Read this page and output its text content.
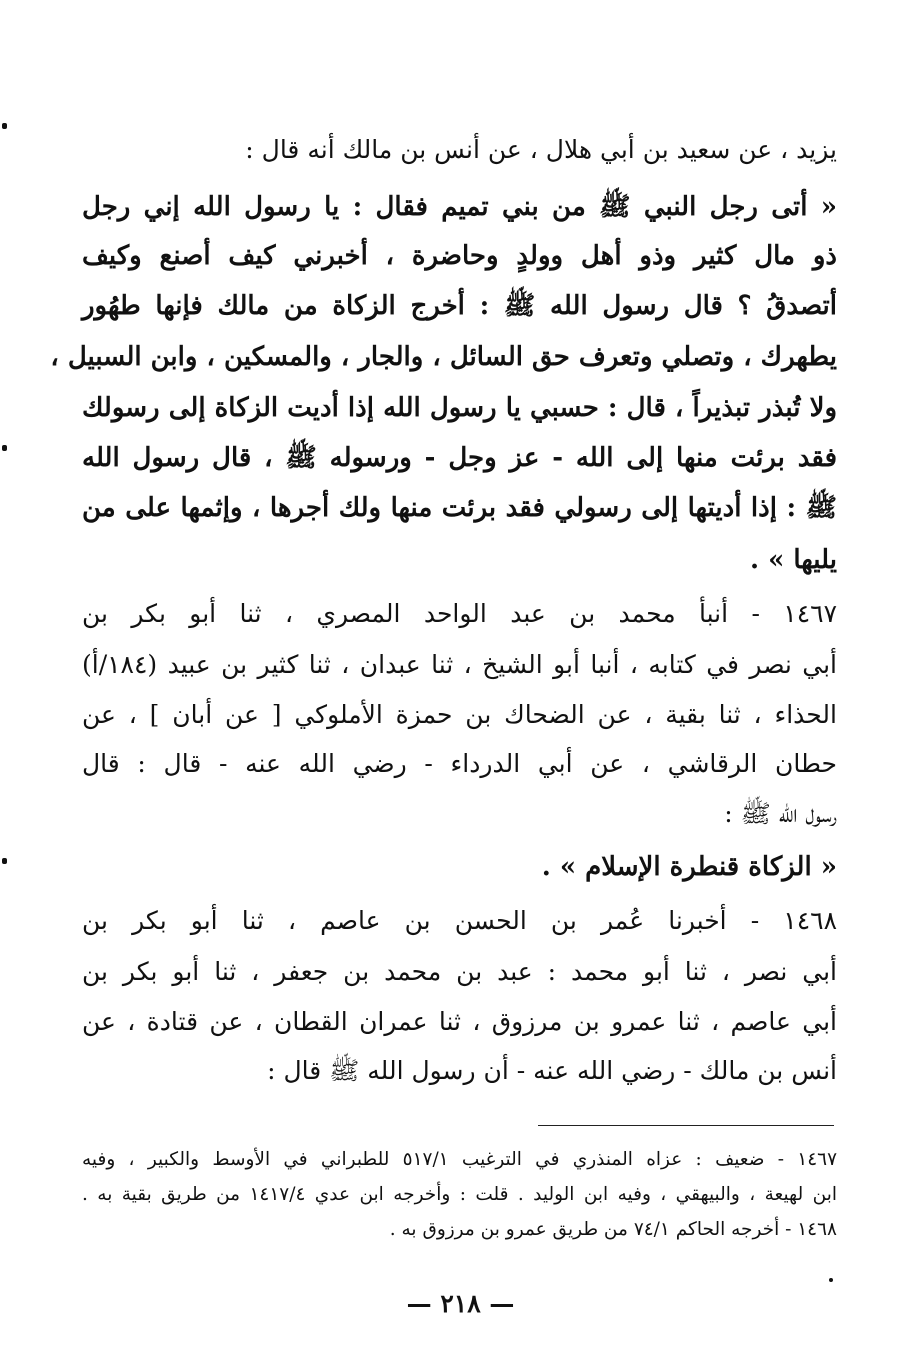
يزيد ، عن سعيد بن أبي هلال ، عن أنس بن مالك أنه قال :
« أتى رجل النبي ﷺ من بني تميم فقال : يا رسول الله إني رجل
ذو مال كثير وذو أهل وولدٍ وحاضرة ، أخبرني كيف أصنع وكيف
أتصدقُ ؟ قال رسول الله ﷺ : أخرج الزكاة من مالك فإنها طهُور
يطهرك ، وتصلي وتعرف حق السائل ، والجار ، والمسكين ، وابن السبيل ،
ولا تُبذر تبذيراً ، قال : حسبي يا رسول الله إذا أديت الزكاة إلى رسولك
فقد برئت منها إلى الله - عز وجل - ورسوله ﷺ ، قال رسول الله
ﷺ : إذا أديتها إلى رسولي فقد برئت منها ولك أجرها ، وإثمها على من
يليها » .
١٤٦٧ - أنبأ محمد بن عبد الواحد المصري ، ثنا أبو بكر بن
أبي نصر في كتابه ، أنبا أبو الشيخ ، ثنا عبدان ، ثنا كثير بن عبيد (١٨٤/أ)
الحذاء ، ثنا بقية ، عن الضحاك بن حمزة الأملوكي [ عن أبان ] ، عن
حطان الرقاشي ، عن أبي الدرداء - رضي الله عنه - قال : قال
رسول الله ﷺ :
« الزكاة قنطرة الإسلام » .
١٤٦٨ - أخبرنا عُمر بن الحسن بن عاصم ، ثنا أبو بكر بن
أبي نصر ، ثنا أبو محمد : عبد بن محمد بن جعفر ، ثنا أبو بكر بن
أبي عاصم ، ثنا عمرو بن مرزوق ، ثنا عمران القطان ، عن قتادة ، عن
أنس بن مالك - رضي الله عنه - أن رسول الله ﷺ قال :
١٤٦٧ - ضعيف : عزاه المنذري في الترغيب ٥١٧/١ للطبراني في الأوسط والكبير ، وفيه
ابن لهيعة ، والبيهقي ، وفيه ابن الوليد . قلت : وأخرجه ابن عدي ١٤١٧/٤ من طريق بقية به .
١٤٦٨ - أخرجه الحاكم ٧٤/١ من طريق عمرو بن مرزوق به .
— ٢١٨ —
